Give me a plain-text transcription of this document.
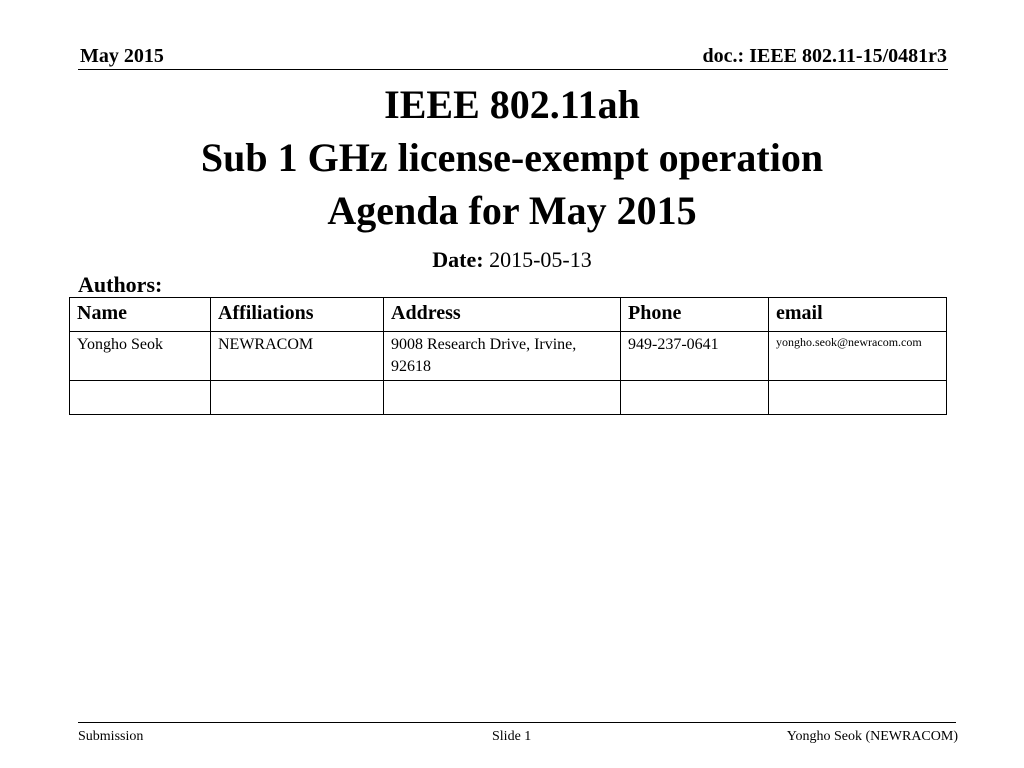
May 2015	doc.: IEEE 802.11-15/0481r3
IEEE 802.11ah
Sub 1 GHz license-exempt operation
Agenda for May 2015
Date: 2015-05-13
Authors:
Name	Affiliations	Address	Phone	email
Yongho Seok	NEWRACOM	9008 Research Drive, Irvine, 92618	949-237-0641	yongho.seok@newracom.com

Submission	Slide 1	Yongho Seok (NEWRACOM)
